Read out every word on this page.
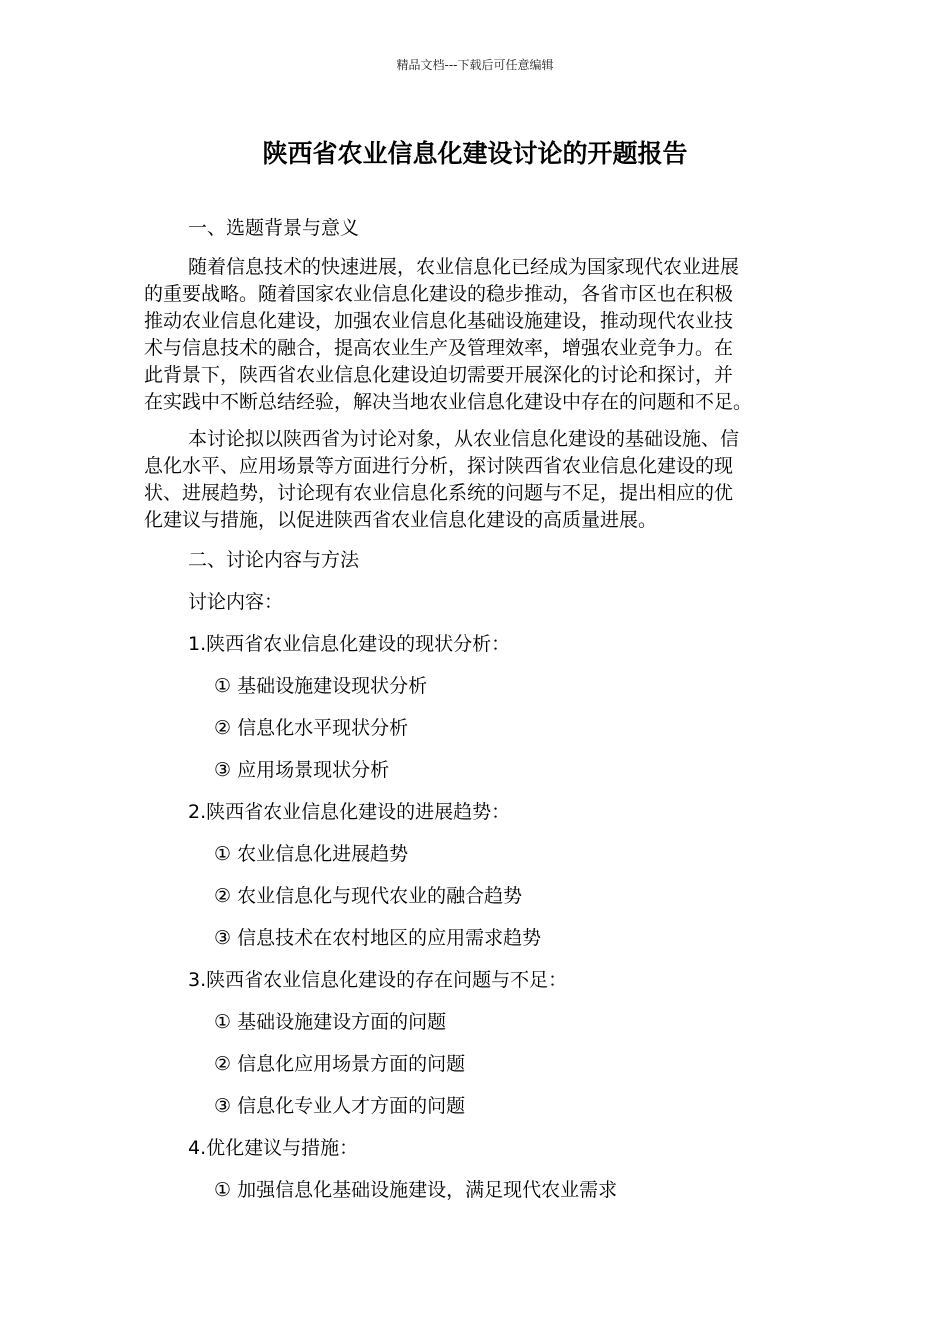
精品文档---下载后可任意编辑
陕西省农业信息化建设讨论的开题报告

一、选题背景与意义

随着信息技术的快速进展，农业信息化已经成为国家现代农业进展
的重要战略。随着国家农业信息化建设的稳步推动，各省市区也在积极
推动农业信息化建设，加强农业信息化基础设施建设，推动现代农业技
术与信息技术的融合，提高农业生产及管理效率，增强农业竞争力。在
此背景下，陕西省农业信息化建设迫切需要开展深化的讨论和探讨，并
在实践中不断总结经验，解决当地农业信息化建设中存在的问题和不足。

本讨论拟以陕西省为讨论对象，从农业信息化建设的基础设施、信
息化水平、应用场景等方面进行分析，探讨陕西省农业信息化建设的现
状、进展趋势，讨论现有农业信息化系统的问题与不足，提出相应的优
化建议与措施，以促进陕西省农业信息化建设的高质量进展。

二、讨论内容与方法

讨论内容：

1.陕西省农业信息化建设的现状分析：

① 基础设施建设现状分析

② 信息化水平现状分析

③ 应用场景现状分析

2.陕西省农业信息化建设的进展趋势：

① 农业信息化进展趋势

② 农业信息化与现代农业的融合趋势

③ 信息技术在农村地区的应用需求趋势

3.陕西省农业信息化建设的存在问题与不足：

① 基础设施建设方面的问题

② 信息化应用场景方面的问题

③ 信息化专业人才方面的问题

4.优化建议与措施：

① 加强信息化基础设施建设，满足现代农业需求
